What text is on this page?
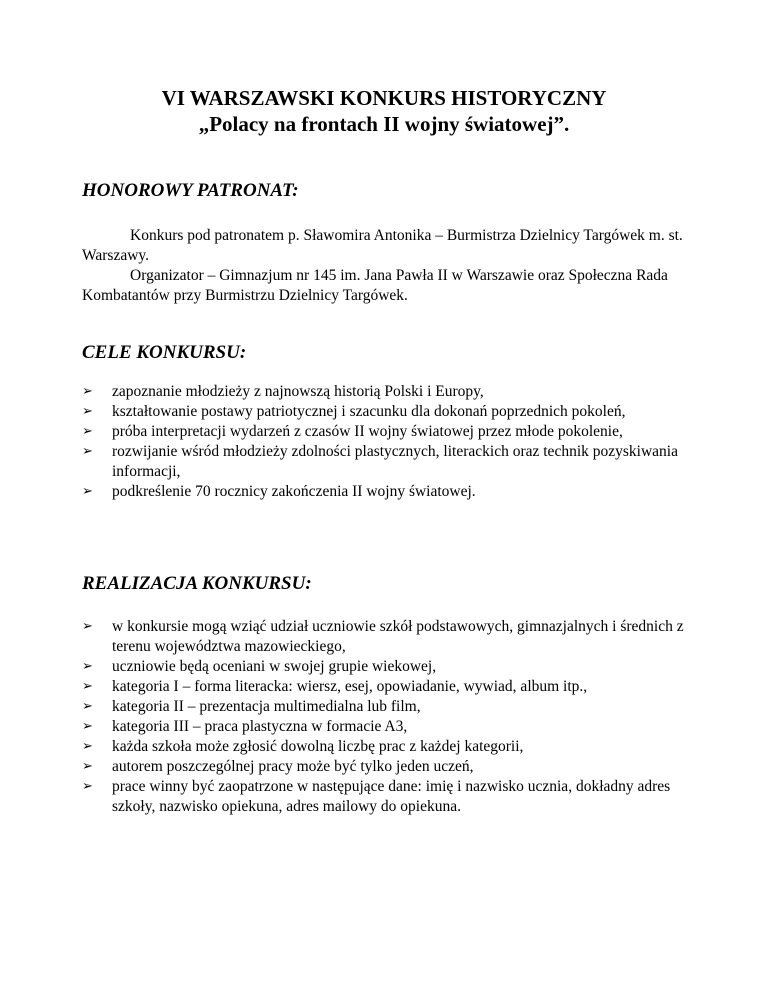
VI WARSZAWSKI KONKURS HISTORYCZNY
„Polacy na frontach II wojny światowej”.
HONOROWY PATRONAT:
Konkurs pod patronatem p. Sławomira Antonika – Burmistrza Dzielnicy Targówek m. st. Warszawy.
Organizator – Gimnazjum nr 145 im. Jana Pawła II w Warszawie oraz Społeczna Rada Kombatantów przy Burmistrzu Dzielnicy Targówek.
CELE KONKURSU:
➢ zapoznanie młodzieży z najnowszą historią Polski i Europy,
➢ kształtowanie postawy patriotycznej i szacunku dla dokonań poprzednich pokoleń,
➢ próba interpretacji wydarzeń z czasów II wojny światowej przez młode pokolenie,
➢ rozwijanie wśród młodzieży zdolności plastycznych, literackich oraz technik pozyskiwania informacji,
➢ podkreślenie 70 rocznicy zakończenia II wojny światowej.
REALIZACJA KONKURSU:
➢ w konkursie mogą wziąć udział uczniowie szkół podstawowych, gimnazjalnych i średnich z terenu województwa mazowieckiego,
➢ uczniowie będą oceniani w swojej grupie wiekowej,
➢ kategoria I – forma literacka: wiersz, esej, opowiadanie, wywiad, album itp.,
➢ kategoria II – prezentacja multimedialna lub film,
➢ kategoria III – praca plastyczna w formacie A3,
➢ każda szkoła może zgłosić dowolną liczbę prac z każdej kategorii,
➢ autorem poszczególnej pracy może być tylko jeden uczeń,
➢ prace winny być zaopatrzone w następujące dane: imię i nazwisko ucznia, dokładny adres szkoły, nazwisko opiekuna, adres mailowy do opiekuna.
